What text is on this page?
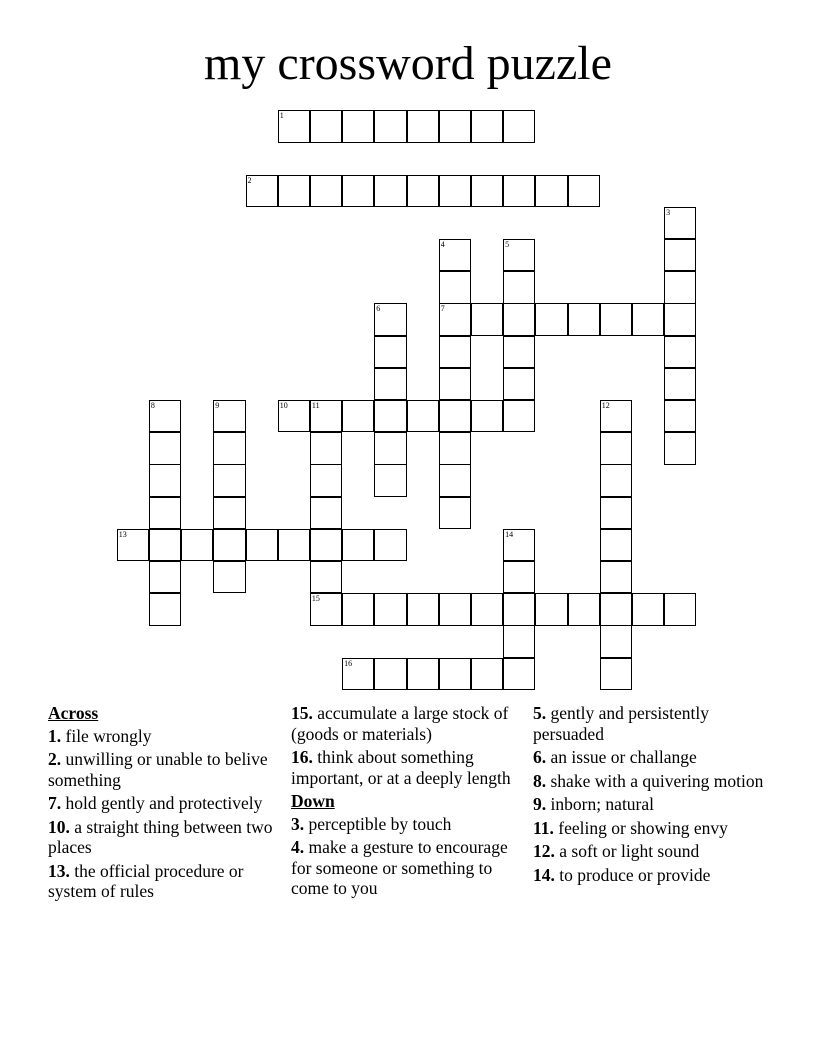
my crossword puzzle
1
2
3
4
7
5
6
8	9	10	11
15
12
13	14
16
Across
1. file wrongly
2. unwilling or unable to belive something
7. hold gently and protectively
10. a straight thing between two places
13. the official procedure or system of rules
15. accumulate a large stock of (goods or materials)
16. think about something important, or at a deeply length
Down
3. perceptible by touch
4. make a gesture to encourage for someone or something to come to you
5. gently and persistently persuaded
6. an issue or challange
8. shake with a quivering motion
9. inborn; natural
11. feeling or showing envy
12. a soft or light sound
14. to produce or provide
